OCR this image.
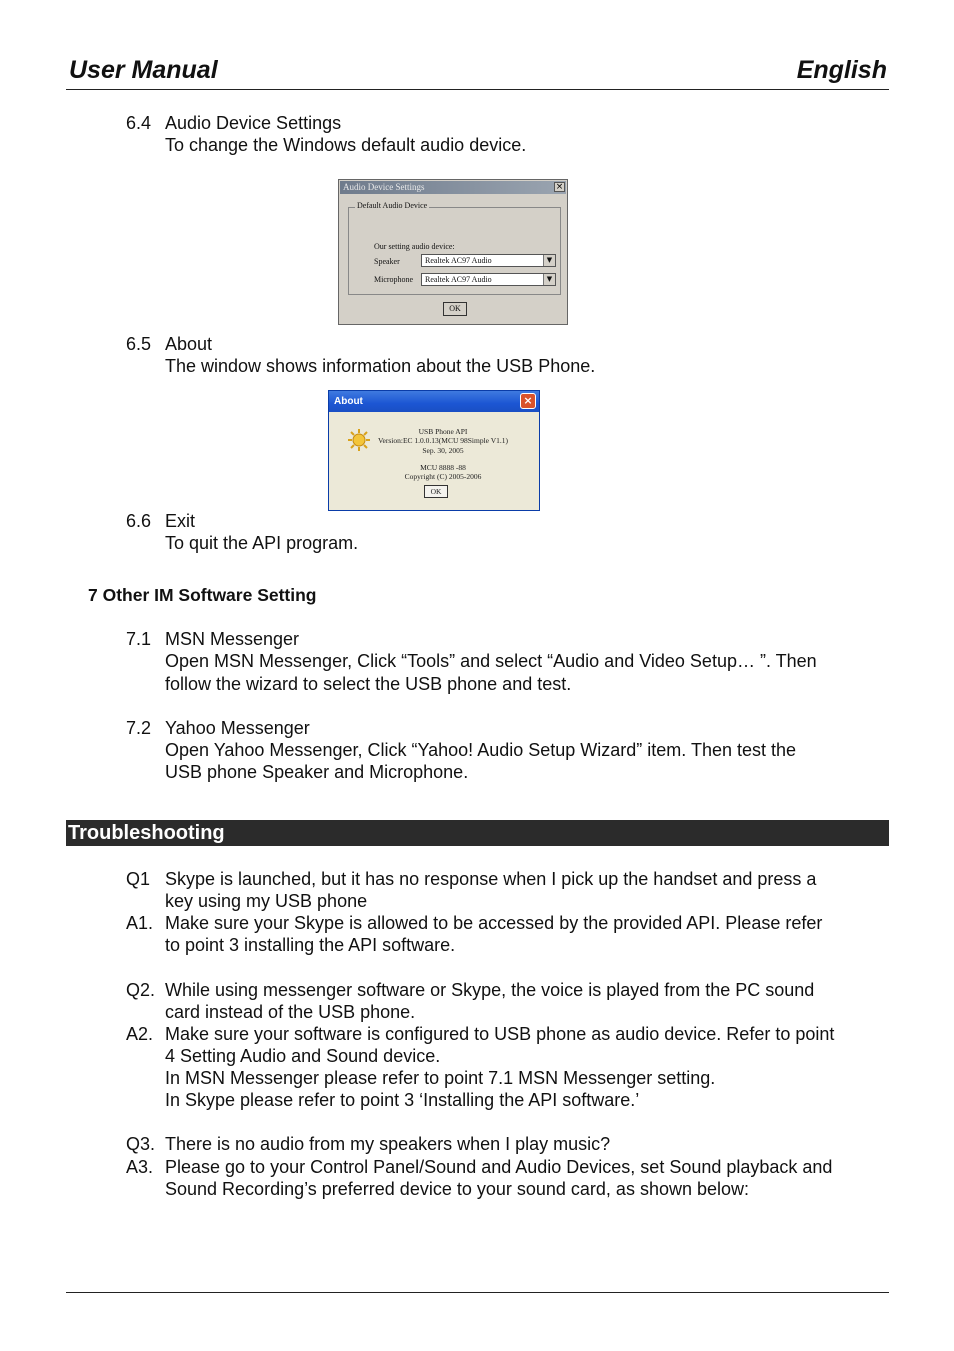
User Manual	English
6.4 Audio Device Settings
To change the Windows default audio device.
Audio Device Settings	×
Default Audio Device
Our setting audio device:
Speaker	Realtek AC97 Audio	▼
Microphone	Realtek AC97 Audio	▼
OK
6.5 About
The window shows information about the USB Phone.
About	×
USB Phone API
Version:EC 1.0.0.13(MCU 98Simple V1.1)
Sep. 30, 2005
MCU 8888 -88
Copyright (C) 2005-2006
OK
6.6 Exit
To quit the API program.
7 Other IM Software Setting
7.1 MSN Messenger
Open MSN Messenger, Click “Tools” and select “Audio and Video Setup… ”. Then
follow the wizard to select the USB phone and test.
7.2 Yahoo Messenger
Open Yahoo Messenger, Click “Yahoo! Audio Setup Wizard” item. Then test the
USB phone Speaker and Microphone.
Troubleshooting
Q1 Skype is launched, but it has no response when I pick up the handset and press a
key using my USB phone
A1. Make sure your Skype is allowed to be accessed by the provided API. Please refer
to point 3 installing the API software.
Q2. While using messenger software or Skype, the voice is played from the PC sound
card instead of the USB phone.
A2. Make sure your software is configured to USB phone as audio device. Refer to point
4 Setting Audio and Sound device.
In MSN Messenger please refer to point 7.1 MSN Messenger setting.
In Skype please refer to point 3 ‘Installing the API software.’
Q3. There is no audio from my speakers when I play music?
A3. Please go to your Control Panel/Sound and Audio Devices, set Sound playback and
Sound Recording’s preferred device to your sound card, as shown below:
